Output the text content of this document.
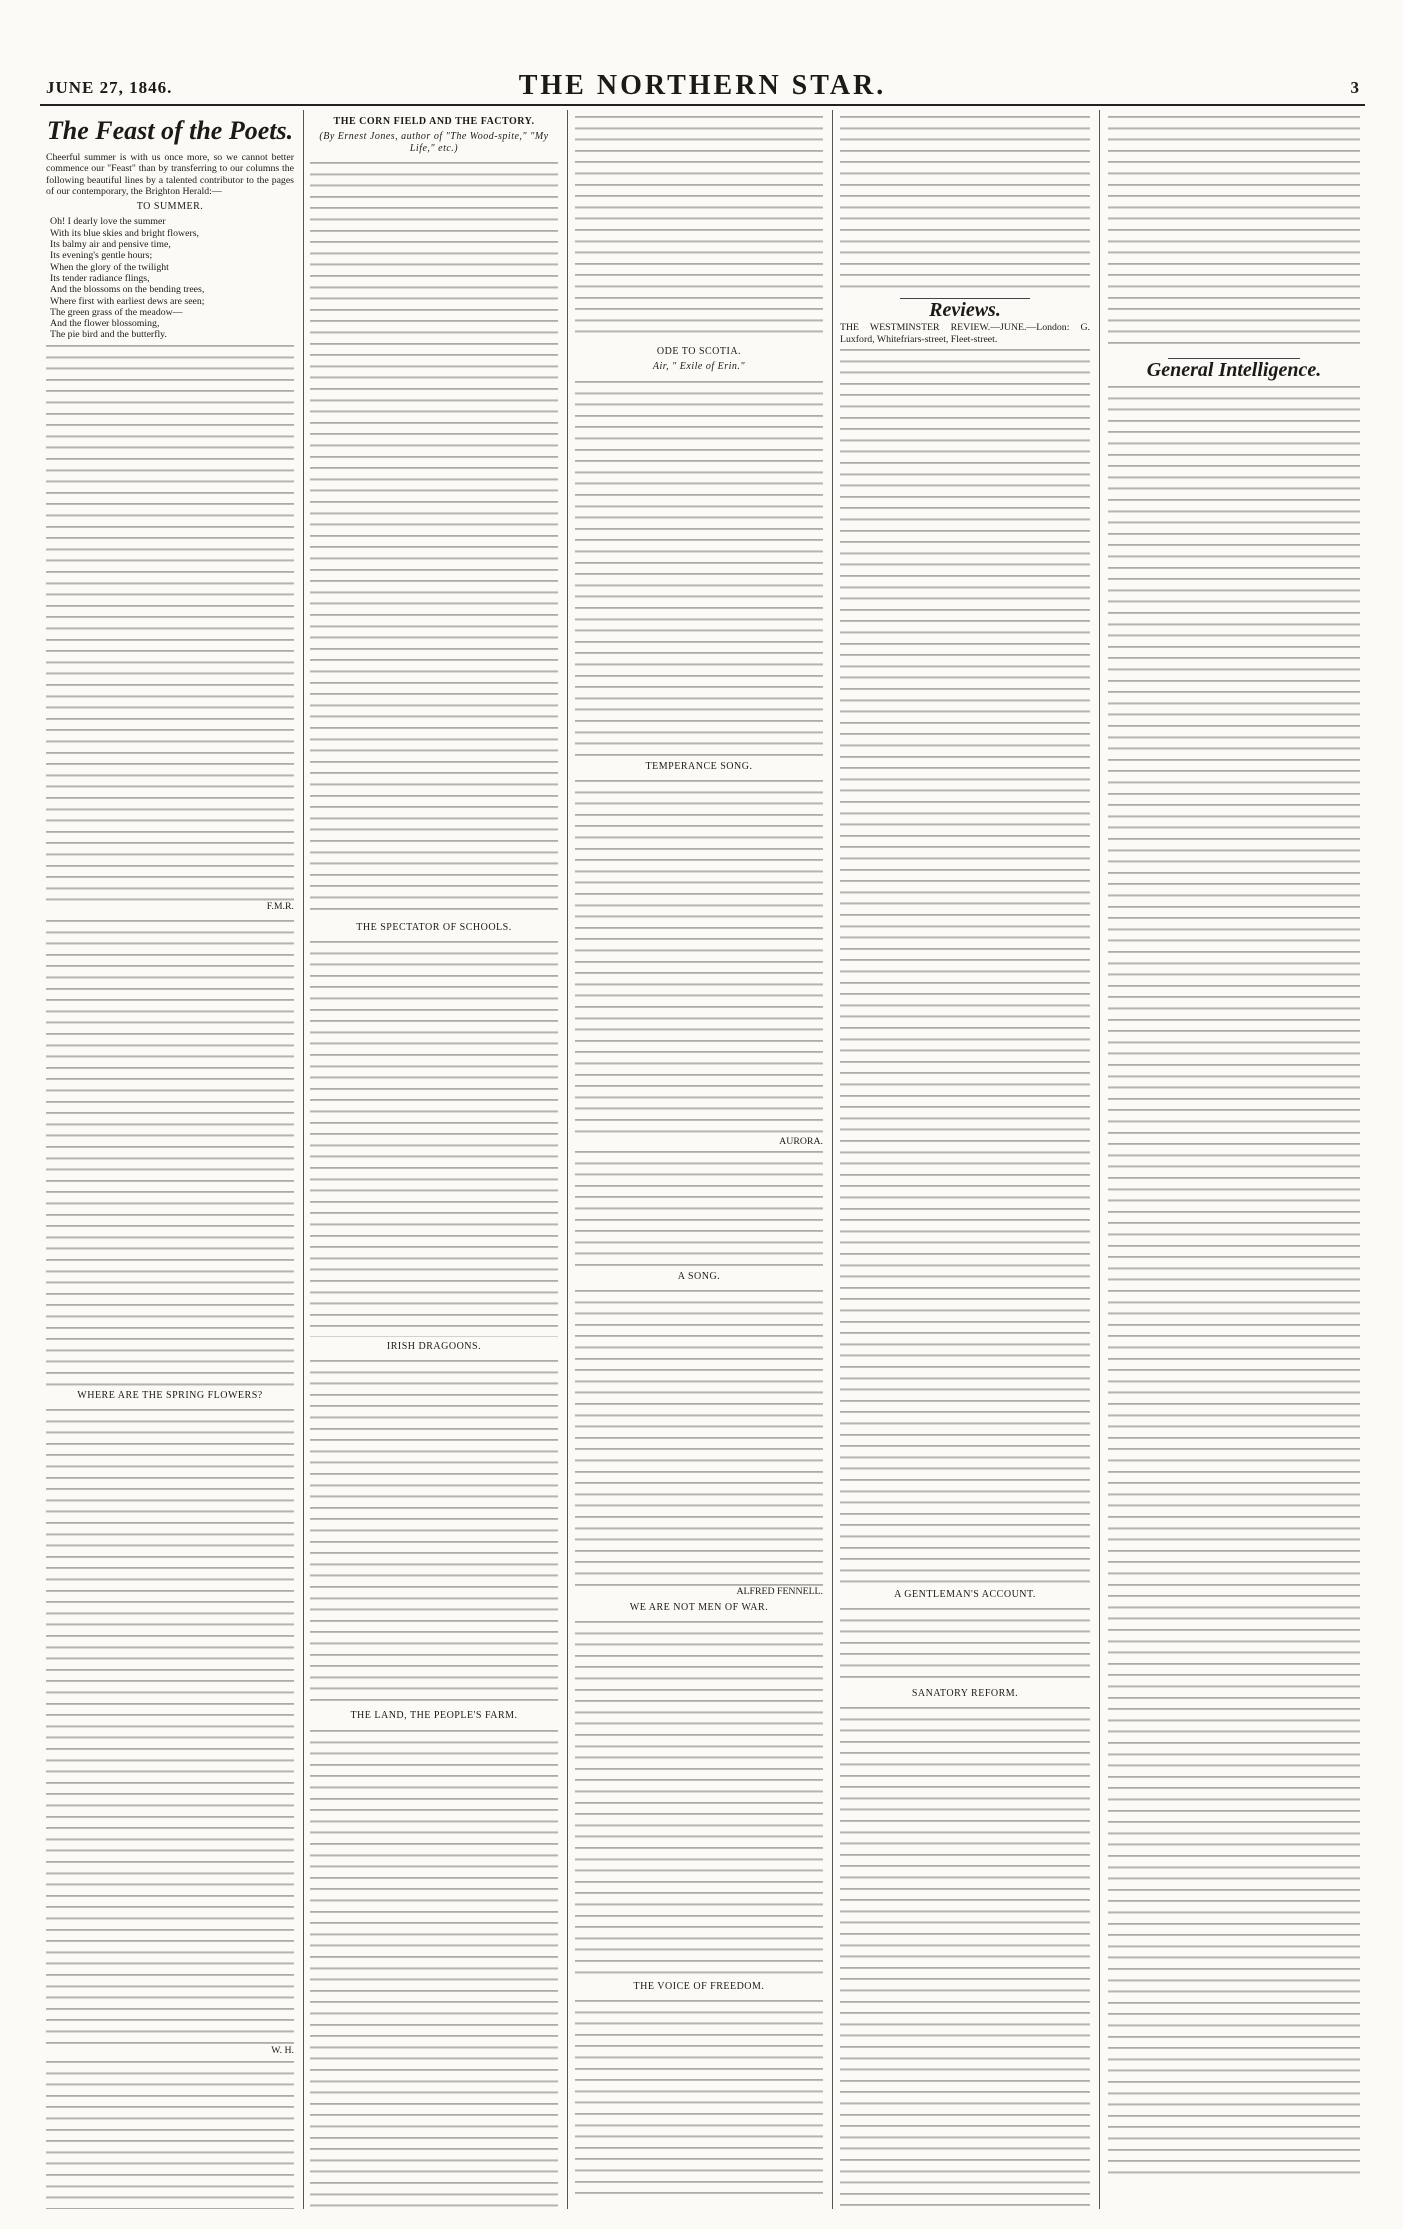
JUNE 27, 1846.	THE NORTHERN STAR.	3
The Feast of the Poets.
Cheerful summer is with us once more, so we cannot better commence our "Feast" than by transferring to our columns the following beautiful lines by a talented contributor to the pages of our contemporary, the Brighton Herald:—
TO SUMMER.

Oh! I dearly love the summer

With its blue skies and bright flowers,

Its balmy air and pensive time,

Its evening's gentle hours;

When the glory of the twilight

Its tender radiance flings,

And the blossoms on the bending trees,

Where first with earliest dews are seen;

The green grass of the meadow—

And the flower blossoming,

The pie bird and the butterfly.

F.M.R.
WHERE ARE THE SPRING FLOWERS?
W. H.
THE CORN FIELD AND THE FACTORY.
(By Ernest Jones, author of "The Wood-spite," "My Life," etc.)
THE SPECTATOR OF SCHOOLS.
IRISH DRAGOONS.
THE LAND, THE PEOPLE'S FARM.
ODE TO SCOTIA.
Air, " Exile of Erin."
TEMPERANCE SONG.
AURORA.
A SONG.
ALFRED FENNELL.
WE ARE NOT MEN OF WAR.
THE VOICE OF FREEDOM.
Reviews.
THE WESTMINSTER REVIEW.—JUNE.—London: G. Luxford, Whitefriars-street, Fleet-street.
A GENTLEMAN'S ACCOUNT.
SANATORY REFORM.
General Intelligence.
